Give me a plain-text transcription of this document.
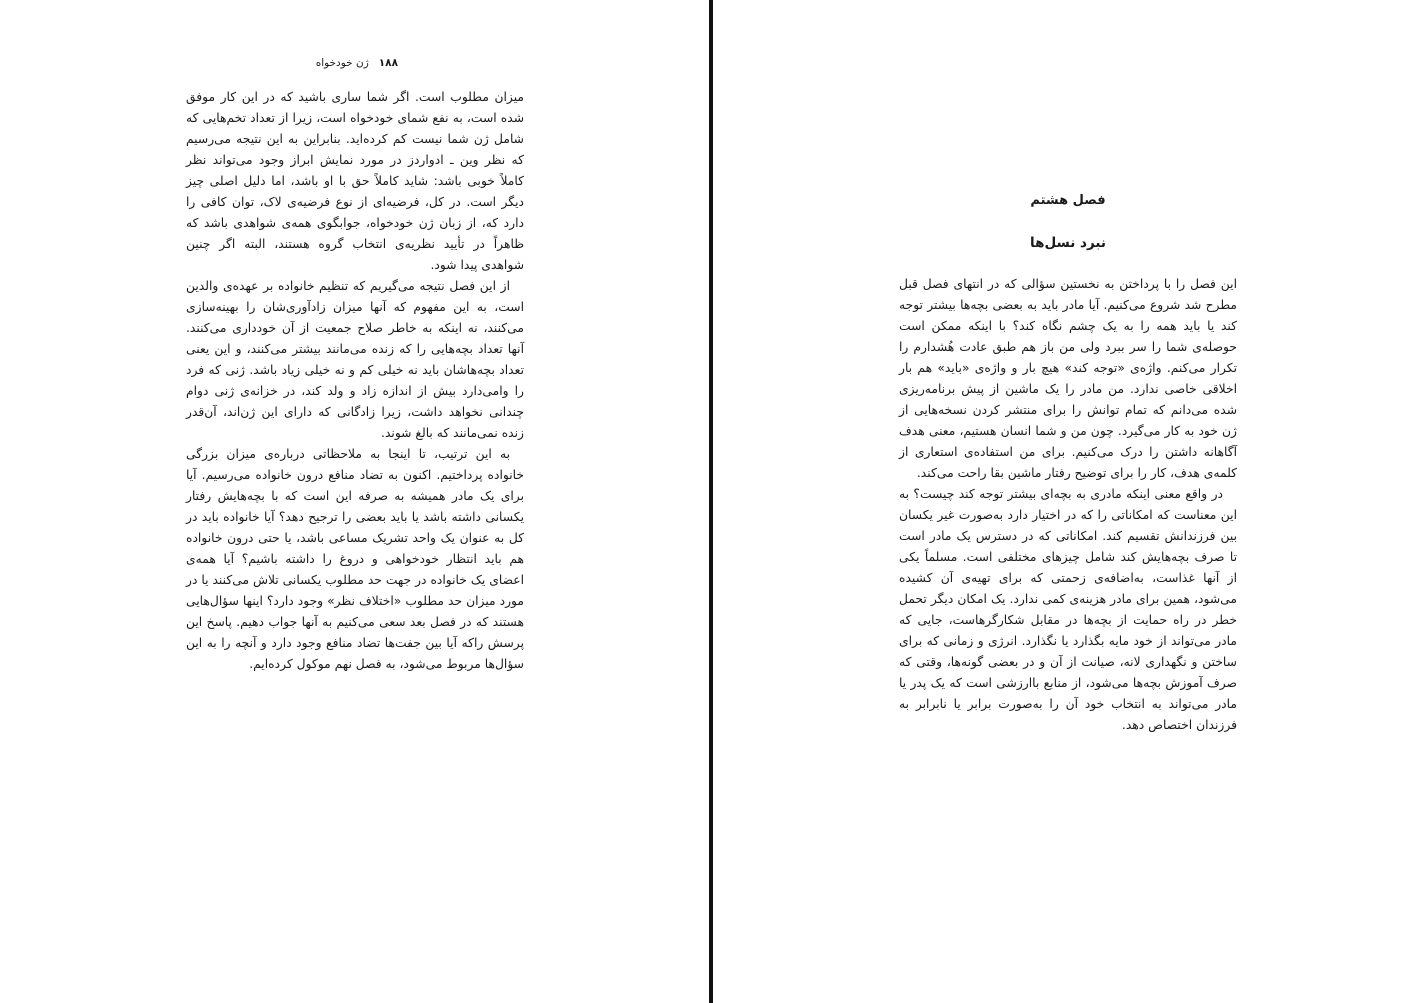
۱۸۸
ژن خودخواه

میزان مطلوب است. اگر شما ساری باشید که در این کار موفق شده است، به نفع شمای خودخواه است، زیرا از تعداد تخم‌هایی که شامل ژن شما نیست کم کرده‌اید. بنابراین به این نتیجه می‌رسیم که نظر وین ـ ادواردز در مورد نمایش ابراز وجود می‌تواند نظر کاملاً خوبی باشد: شاید کاملاً حق با او باشد، اما دلیل اصلی چیز دیگر است. در کل، فرضیه‌ای از نوع فرضیه‌ی لاک، توان کافی را دارد که، از زبان ژن خودخواه، جوابگوی همه‌ی شواهدی باشد که ظاهراً در تأیید نظریه‌ی انتخاب گروه هستند، البته اگر چنین شواهدی پیدا شود.

از این فصل نتیجه می‌گیریم که تنظیم خانواده بر عهده‌ی والدین است، به این مفهوم که آنها میزان زادآوری‌شان را بهینه‌سازی می‌کنند، نه اینکه به خاطر صلاح جمعیت از آن خودداری می‌کنند. آنها تعداد بچه‌هایی را که زنده می‌مانند بیشتر می‌کنند، و این یعنی تعداد بچه‌هاشان باید نه خیلی کم و نه خیلی زیاد باشد. ژنی که فرد را وامی‌دارد بیش از اندازه زاد و ولد کند، در خزانه‌ی ژنی دوام چندانی نخواهد داشت، زیرا زادگانی که دارای این ژن‌اند، آن‌قدر زنده نمی‌مانند که بالغ شوند.

به این ترتیب، تا اینجا به ملاحظاتی درباره‌ی میزان بزرگی خانواده پرداختیم. اکنون به تضاد منافع درون خانواده می‌رسیم. آیا برای یک مادر همیشه به صرفه این است که با بچه‌هایش رفتار یکسانی داشته باشد یا باید بعضی را ترجیح دهد؟ آیا خانواده باید در کل به عنوان یک واحد تشریک مساعی باشد، یا حتی درون خانواده هم باید انتظار خودخواهی و دروغ را داشته باشیم؟ آیا همه‌ی اعضای یک خانواده در جهت حد مطلوب یکسانی تلاش می‌کنند یا در مورد میزان حد مطلوب «اختلاف نظر» وجود دارد؟ اینها سؤال‌هایی هستند که در فصل بعد سعی می‌کنیم به آنها جواب دهیم. پاسخ این پرسش راکه آیا بین جفت‌ها تضاد منافع وجود دارد و آنچه را به این سؤال‌ها مربوط می‌شود، به فصل نهم موکول کرده‌ایم.

فصل هشتم
نبرد نسل‌ها

این فصل را با پرداختن به نخستین سؤالی که در انتهای فصل قبل مطرح شد شروع می‌کنیم. آیا مادر باید به بعضی بچه‌ها بیشتر توجه کند یا باید همه را به یک چشم نگاه کند؟ با اینکه ممکن است حوصله‌ی شما را سر ببرد ولی من باز هم طبق عادت هُشدارم را تکرار می‌کنم. واژه‌ی «توجه کند» هیچ بار و واژه‌ی «باید» هم بار اخلاقی خاصی ندارد. من مادر را یک ماشین از پیش برنامه‌ریزی شده می‌دانم که تمام توانش را برای منتشر کردن نسخه‌هایی از ژن خود به کار می‌گیرد. چون من و شما انسان هستیم، معنی هدف آگاهانه داشتن را درک می‌کنیم. برای من استفاده‌ی استعاری از کلمه‌ی هدف، کار را برای توضیح رفتار ماشین بقا راحت می‌کند.

در واقع معنی اینکه مادری به بچه‌ای بیشتر توجه کند چیست؟ به این معناست که امکاناتی را که در اختیار دارد به‌صورت غیر یکسان بین فرزندانش تقسیم کند. امکاناتی که در دسترس یک مادر است تا صرف بچه‌هایش کند شامل چیزهای مختلفی است. مسلماً یکی از آنها غذاست، به‌اضافه‌ی زحمتی که برای تهیه‌ی آن کشیده می‌شود، همین برای مادر هزینه‌ی کمی ندارد. یک امکان دیگر تحمل خطر در راه حمایت از بچه‌ها در مقابل شکارگرهاست، جایی که مادر می‌تواند از خود مایه بگذارد یا نگذارد. انرژی و زمانی که برای ساختن و نگهداری لانه، صیانت از آن و در بعضی گونه‌ها، وقتی که صرف آموزش بچه‌ها می‌شود، از منابع باارزشی است که یک پدر یا مادر می‌تواند به انتخاب خود آن را به‌صورت برابر یا نابرابر به فرزندان اختصاص دهد.
